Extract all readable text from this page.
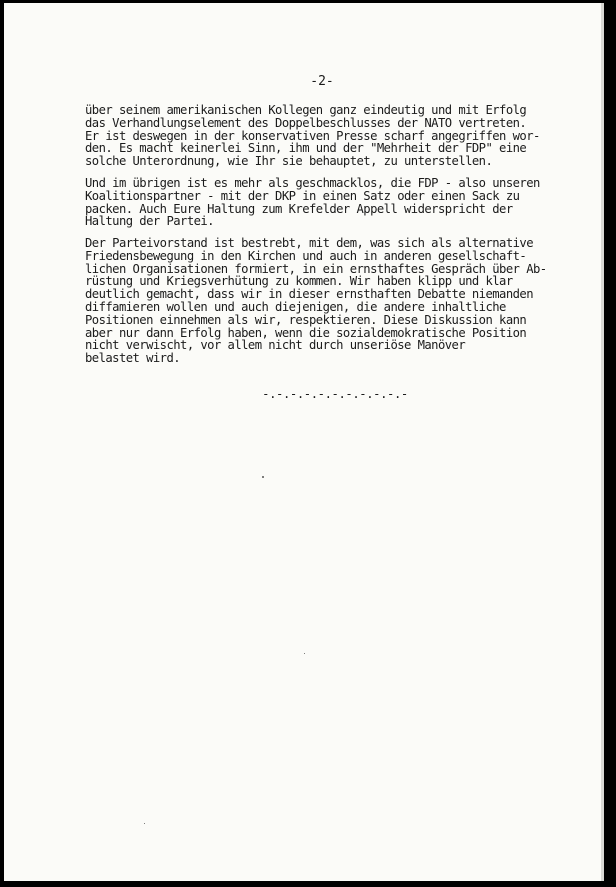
-2-

über seinem amerikanischen Kollegen ganz eindeutig und mit Erfolg
das Verhandlungselement des Doppelbeschlusses der NATO vertreten.
Er ist deswegen in der konservativen Presse scharf angegriffen wor-
den. Es macht keinerlei Sinn, ihm und der "Mehrheit der FDP" eine
solche Unterordnung, wie Ihr sie behauptet, zu unterstellen.
Und im übrigen ist es mehr als geschmacklos, die FDP - also unseren
Koalitionspartner - mit der DKP in einen Satz oder einen Sack zu
packen. Auch Eure Haltung zum Krefelder Appell widerspricht der
Haltung der Partei.
Der Parteivorstand ist bestrebt, mit dem, was sich als alternative
Friedensbewegung in den Kirchen und auch in anderen gesellschaft-
lichen Organisationen formiert, in ein ernsthaftes Gespräch über Ab-
rüstung und Kriegsverhütung zu kommen. Wir haben klipp und klar
deutlich gemacht, dass wir in dieser ernsthaften Debatte niemanden
diffamieren wollen und auch diejenigen, die andere inhaltliche
Positionen einnehmen als wir, respektieren. Diese Diskussion kann
aber nur dann Erfolg haben, wenn die sozialdemokratische Position
nicht verwischt, vor allem nicht durch unseriöse Manöver
belastet wird.

-.-.-.-.-.-.-.-.-.-.-
